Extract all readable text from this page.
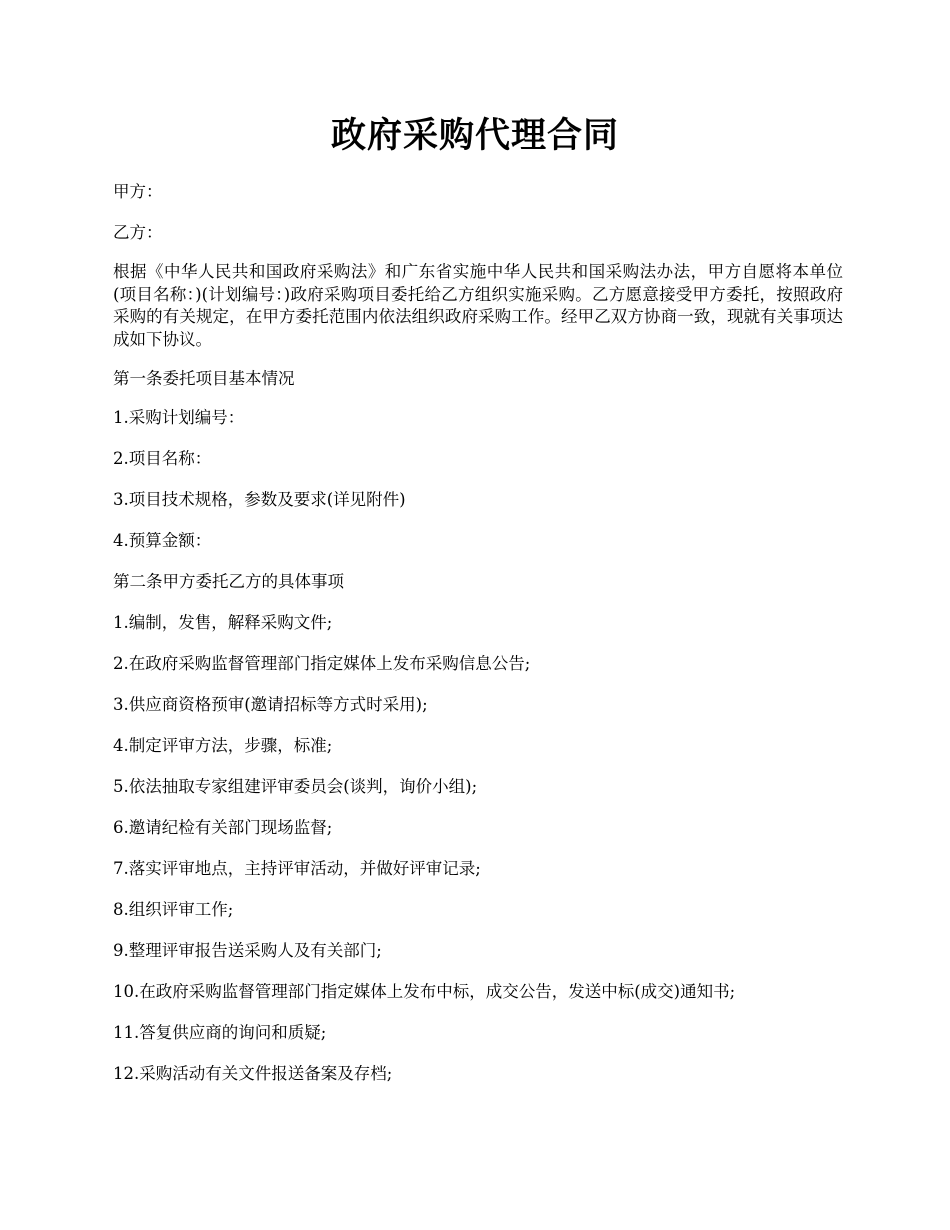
政府采购代理合同

甲方：

乙方：

根据《中华人民共和国政府采购法》和广东省实施中华人民共和国采购法办法，甲方自愿将本单位(项目名称：)(计划编号：)政府采购项目委托给乙方组织实施采购。乙方愿意接受甲方委托，按照政府采购的有关规定，在甲方委托范围内依法组织政府采购工作。经甲乙双方协商一致，现就有关事项达成如下协议。

第一条委托项目基本情况

1.采购计划编号：

2.项目名称：

3.项目技术规格，参数及要求(详见附件)

4.预算金额：

第二条甲方委托乙方的具体事项

1.编制，发售，解释采购文件;

2.在政府采购监督管理部门指定媒体上发布采购信息公告;

3.供应商资格预审(邀请招标等方式时采用);

4.制定评审方法，步骤，标准;

5.依法抽取专家组建评审委员会(谈判，询价小组);

6.邀请纪检有关部门现场监督;

7.落实评审地点，主持评审活动，并做好评审记录;

8.组织评审工作;

9.整理评审报告送采购人及有关部门;

10.在政府采购监督管理部门指定媒体上发布中标，成交公告，发送中标(成交)通知书;

11.答复供应商的询问和质疑;

12.采购活动有关文件报送备案及存档;
